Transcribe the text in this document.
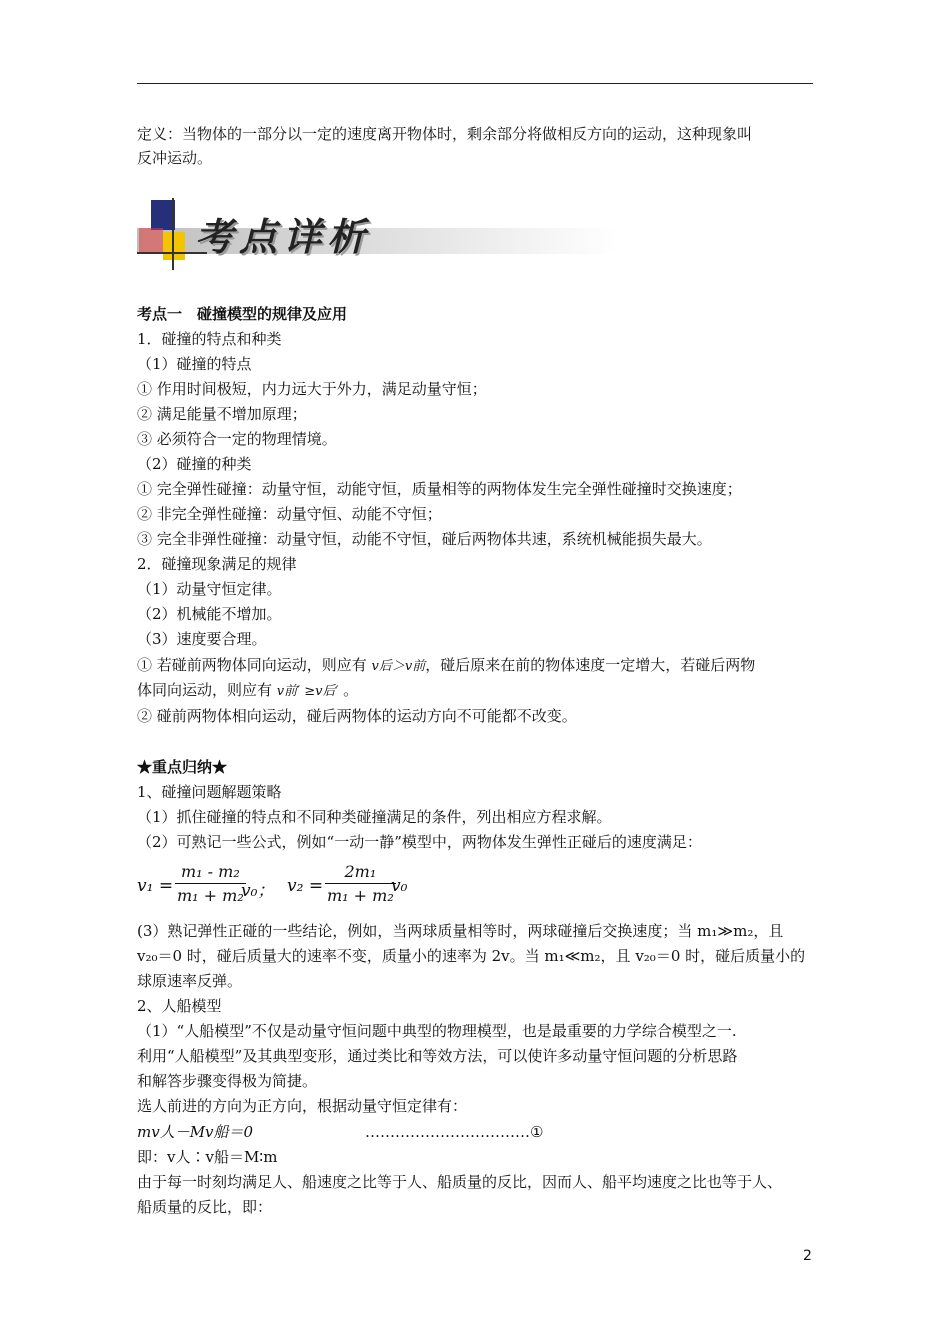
定义：当物体的一部分以一定的速度离开物体时，剩余部分将做相反方向的运动，这种现象叫
反冲运动。
考点详析
考点一　碰撞模型的规律及应用
1．碰撞的特点和种类
（1）碰撞的特点
① 作用时间极短，内力远大于外力，满足动量守恒；
② 满足能量不增加原理；
③ 必须符合一定的物理情境。
（2）碰撞的种类
① 完全弹性碰撞：动量守恒，动能守恒，质量相等的两物体发生完全弹性碰撞时交换速度；
② 非完全弹性碰撞：动量守恒、动能不守恒；
③ 完全非弹性碰撞：动量守恒，动能不守恒，碰后两物体共速，系统机械能损失最大。
2．碰撞现象满足的规律
（1）动量守恒定律。
（2）机械能不增加。
（3）速度要合理。
① 若碰前两物体同向运动，则应有 v后＞v前，碰后原来在前的物体速度一定增大，若碰后两物
体同向运动，则应有 v前′ ≥v后′ 。
② 碰前两物体相向运动，碰后两物体的运动方向不可能都不改变。
★重点归纳★
1、碰撞问题解题策略
（1）抓住碰撞的特点和不同种类碰撞满足的条件，列出相应方程求解。
（2）可熟记一些公式，例如“一动一静”模型中，两物体发生弹性正碰后的速度满足：
v₁ =
m₁ - m₂
m₁ + m₂
v₀； v₂ =
2m₁
m₁ + m₂
v₀
(3）熟记弹性正碰的一些结论，例如，当两球质量相等时，两球碰撞后交换速度；当 m₁≫m₂，且
v₂₀＝0 时，碰后质量大的速率不变，质量小的速率为 2v。当 m₁≪m₂，且 v₂₀＝0 时，碰后质量小的
球原速率反弹。
2、人船模型
（1）“人船模型”不仅是动量守恒问题中典型的物理模型，也是最重要的力学综合模型之一.
利用“人船模型”及其典型变形，通过类比和等效方法，可以使许多动量守恒问题的分析思路
和解答步骤变得极为简捷。
选人前进的方向为正方向，根据动量守恒定律有：
mv人－Mv船＝0	……………………………①
即：v人∶v船＝M∶m
由于每一时刻均满足人、船速度之比等于人、船质量的反比，因而人、船平均速度之比也等于人、
船质量的反比，即：
2
